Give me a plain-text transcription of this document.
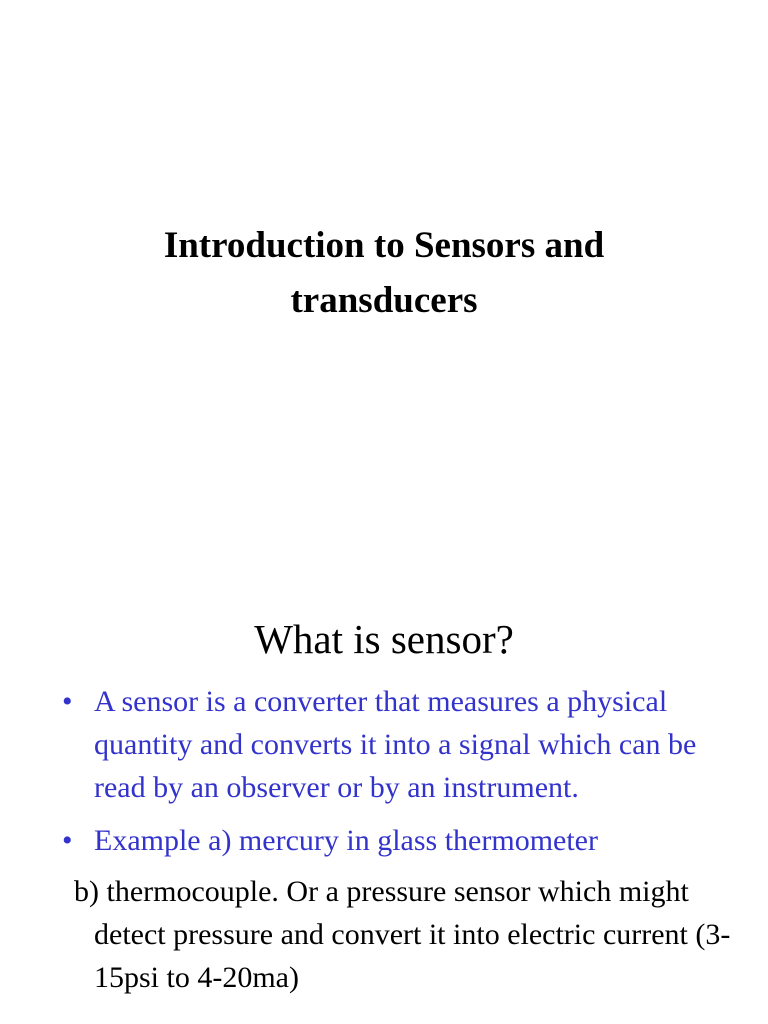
Introduction to Sensors and
transducers
What is sensor?
• A sensor is a converter that measures a physical quantity and converts it into a signal which can be read by an observer or by an instrument.
• Example a) mercury in glass thermometer
b) thermocouple. Or a pressure sensor which might detect pressure and convert it into electric current (3-15psi to 4-20ma)
